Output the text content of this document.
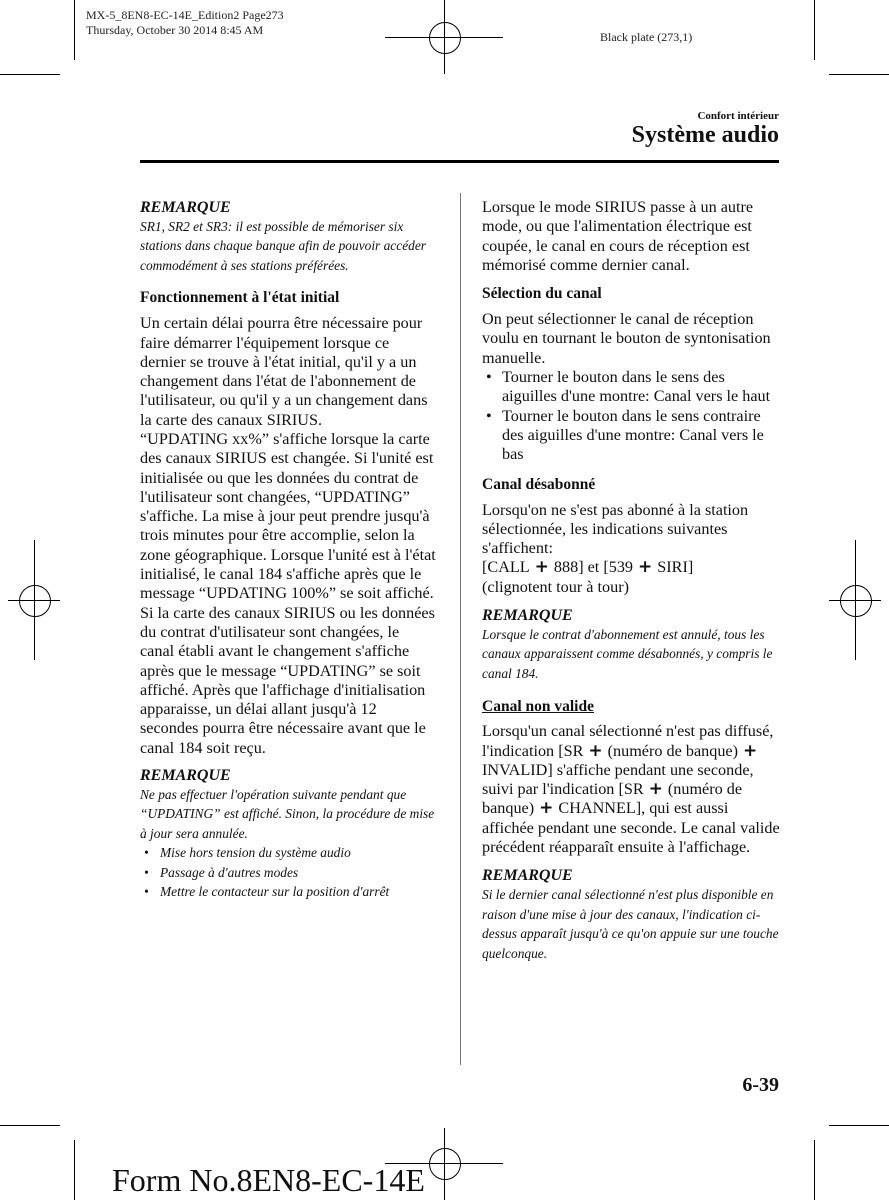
MX-5_8EN8-EC-14E_Edition2 Page273
Thursday, October 30 2014 8:45 AM	Black plate (273,1)
Confort intérieur
Système audio

REMARQUE

SR1, SR2 et SR3: il est possible de mémoriser six stations dans chaque banque afin de pouvoir accéder commodément à ses stations préférées.

Fonctionnement à l'état initial

Un certain délai pourra être nécessaire pour faire démarrer l'équipement lorsque ce dernier se trouve à l'état initial, qu'il y a un changement dans l'état de l'abonnement de l'utilisateur, ou qu'il y a un changement dans la carte des canaux SIRIUS.

“UPDATING xx%” s'affiche lorsque la carte des canaux SIRIUS est changée. Si l'unité est initialisée ou que les données du contrat de l'utilisateur sont changées, “UPDATING” s'affiche. La mise à jour peut prendre jusqu'à trois minutes pour être accomplie, selon la zone géographique. Lorsque l'unité est à l'état initialisé, le canal 184 s'affiche après que le message “UPDATING 100%” se soit affiché. Si la carte des canaux SIRIUS ou les données du contrat d'utilisateur sont changées, le canal établi avant le changement s'affiche après que le message “UPDATING” se soit affiché. Après que l'affichage d'initialisation apparaisse, un délai allant jusqu'à 12 secondes pourra être nécessaire avant que le canal 184 soit reçu.

REMARQUE

Ne pas effectuer l'opération suivante pendant que “UPDATING” est affiché. Sinon, la procédure de mise à jour sera annulée.

• Mise hors tension du système audio
• Passage à d'autres modes
• Mettre le contacteur sur la position d'arrêt

Lorsque le mode SIRIUS passe à un autre mode, ou que l'alimentation électrique est coupée, le canal en cours de réception est mémorisé comme dernier canal.

Sélection du canal

On peut sélectionner le canal de réception voulu en tournant le bouton de syntonisation manuelle.

• Tourner le bouton dans le sens des aiguilles d'une montre: Canal vers le haut
• Tourner le bouton dans le sens contraire des aiguilles d'une montre: Canal vers le bas

Canal désabonné

Lorsqu'on ne s'est pas abonné à la station sélectionnée, les indications suivantes s'affichent:

[CALL + 888] et [539 + SIRI]

(clignotent tour à tour)

REMARQUE

Lorsque le contrat d'abonnement est annulé, tous les canaux apparaissent comme désabonnés, y compris le canal 184.

Canal non valide

Lorsqu'un canal sélectionné n'est pas diffusé, l'indication [SR + (numéro de banque) +INVALID] s'affiche pendant une seconde, suivi par l'indication [SR + (numéro de banque) + CHANNEL], qui est aussi affichée pendant une seconde. Le canal valide précédent réapparaît ensuite à l'affichage.

REMARQUE

Si le dernier canal sélectionné n'est plus disponible en raison d'une mise à jour des canaux, l'indication ci-dessus apparaît jusqu'à ce qu'on appuie sur une touche quelconque.

6-39
Form No.8EN8-EC-14E
